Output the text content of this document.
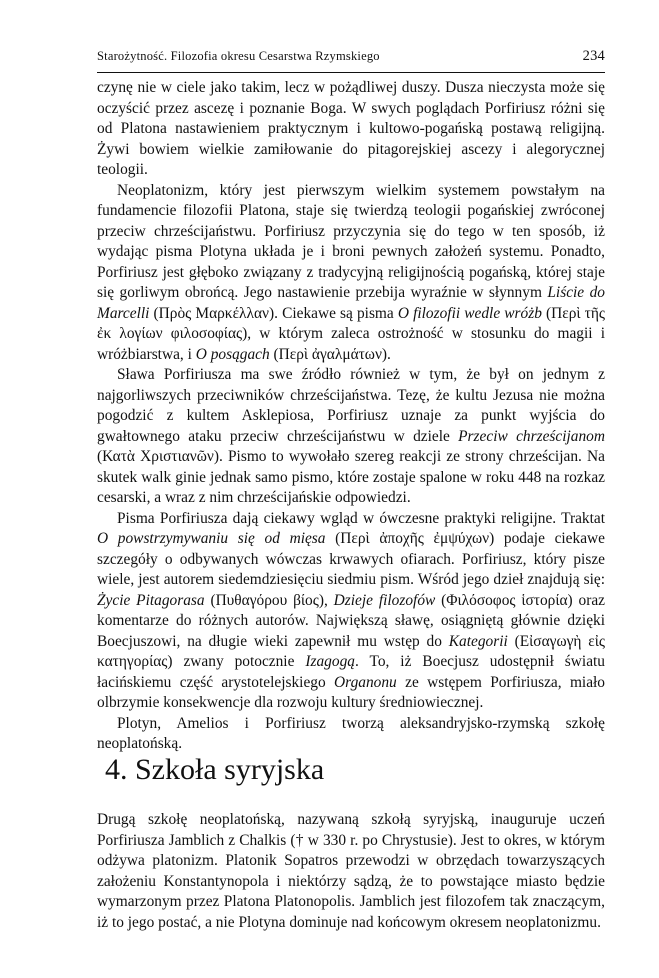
Starożytność. Filozofia okresu Cesarstwa Rzymskiego	234

czynę nie w ciele jako takim, lecz w pożądliwej duszy. Dusza nieczysta może się oczyścić przez ascezę i poznanie Boga. W swych poglądach Porfiriusz różni się od Platona nastawieniem praktycznym i kultowo-pogańską postawą religijną. Żywi bowiem wielkie zamiłowanie do pitagorejskiej ascezy i alegorycznej teologii.

Neoplatonizm, który jest pierwszym wielkim systemem powstałym na fundamencie filozofii Platona, staje się twierdzą teologii pogańskiej zwróconej przeciw chrześcijaństwu. Porfiriusz przyczynia się do tego w ten sposób, iż wydając pisma Plotyna układa je i broni pewnych założeń systemu. Ponadto, Porfiriusz jest głęboko związany z tradycyjną religijnością pogańską, której staje się gorliwym obrońcą. Jego nastawienie przebija wyraźnie w słynnym Liście do Marcelli (Πρὸς Μαρκέλλαν). Ciekawe są pisma O filozofii wedle wróżb (Περὶ τῆς ἐκ λογίων φιλοσοφίας), w którym zaleca ostrożność w stosunku do magii i wróżbiarstwa, i O posągach (Περὶ ἀγαλμάτων).

Sława Porfiriusza ma swe źródło również w tym, że był on jednym z najgorliwszych przeciwników chrześcijaństwa. Tezę, że kultu Jezusa nie można pogodzić z kultem Asklepiosa, Porfiriusz uznaje za punkt wyjścia do gwałtownego ataku przeciw chrześcijaństwu w dziele Przeciw chrześcijanom (Κατὰ Χριστιανῶν). Pismo to wywołało szereg reakcji ze strony chrześcijan. Na skutek walk ginie jednak samo pismo, które zostaje spalone w roku 448 na rozkaz cesarski, a wraz z nim chrześcijańskie odpowiedzi.

Pisma Porfiriusza dają ciekawy wgląd w ówczesne praktyki religijne. Traktat O powstrzymywaniu się od mięsa (Περὶ ἀποχῆς ἐμψύχων) podaje ciekawe szczegóły o odbywanych wówczas krwawych ofiarach. Porfiriusz, który pisze wiele, jest autorem siedemdziesięciu siedmiu pism. Wśród jego dzieł znajdują się: Życie Pitagorasa (Πυθαγόρου βίος), Dzieje filozofów (Φιλόσοφος ἱστορία) oraz komentarze do różnych autorów. Największą sławę, osiągniętą głównie dzięki Boecjuszowi, na długie wieki zapewnił mu wstęp do Kategorii (Εἰσαγωγὴ εἰς κατηγορίας) zwany potocznie Izagogą. To, iż Boecjusz udostępnił światu łacińskiemu część arystotelejskiego Organonu ze wstępem Porfiriusza, miało olbrzymie konsekwencje dla rozwoju kultury średniowiecznej.

Plotyn, Amelios i Porfiriusz tworzą aleksandryjsko-rzymską szkołę neoplatońską.

4. Szkoła syryjska

Drugą szkołę neoplatońską, nazywaną szkołą syryjską, inauguruje uczeń Porfiriusza Jamblich z Chalkis († w 330 r. po Chrystusie). Jest to okres, w którym odżywa platonizm. Platonik Sopatros przewodzi w obrzędach towarzyszących założeniu Konstantynopola i niektórzy sądzą, że to powstające miasto będzie wymarzonym przez Platona Platonopolis. Jamblich jest filozofem tak znaczącym, iż to jego postać, a nie Plotyna dominuje nad końcowym okresem neoplatonizmu.
